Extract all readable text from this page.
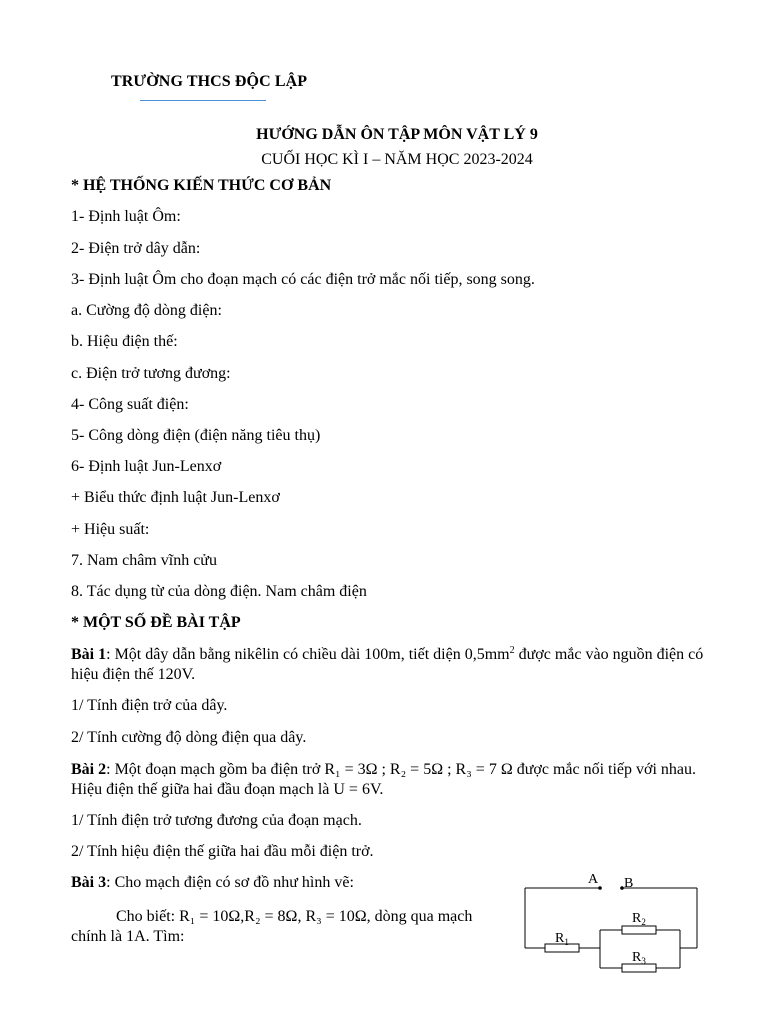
TRƯỜNG THCS ĐỘC LẬP
HƯỚNG DẪN ÔN TẬP MÔN VẬT LÝ 9
CUỐI HỌC KÌ I – NĂM HỌC 2023-2024
* HỆ THỐNG KIẾN THỨC CƠ BẢN
1- Định luật Ôm:
2- Điện trở dây dẫn:
3- Định luật Ôm cho đoạn mạch có các điện trở mắc nối tiếp, song song.
a. Cường độ dòng điện:
b. Hiệu điện thế:
c. Điện trở tương đương:
4- Công suất điện:
5- Công dòng điện (điện năng tiêu thụ)
6- Định luật Jun-Lenxơ
+ Biểu thức định luật Jun-Lenxơ
+ Hiệu suất:
7. Nam châm vĩnh cửu
8. Tác dụng từ của dòng điện. Nam châm điện
* MỘT SỐ ĐỀ BÀI TẬP
Bài 1: Một dây dẫn bằng nikêlin có chiều dài 100m, tiết diện $0,5mm^2$ được mắc vào nguồn điện có hiệu điện thế 120V.
1/ Tính điện trở của dây.
2/ Tính cường độ dòng điện qua dây.
Bài 2: Một đoạn mạch gồm ba điện trở R₁ = 3Ω ; R₂ = 5Ω ; R₃ = 7 Ω được mắc nối tiếp với nhau. Hiệu điện thế giữa hai đầu đoạn mạch là U = 6V.
1/ Tính điện trở tương đương của đoạn mạch.
2/ Tính hiệu điện thế giữa hai đầu mỗi điện trở.
Bài 3: Cho mạch điện có sơ đồ như hình vẽ:
Cho biết: R₁ = 10Ω,R₂ = 8Ω, R₃ = 10Ω, dòng qua mạch chính là 1A. Tìm:
A B
$R_1$
$R_2$
$R_3$
